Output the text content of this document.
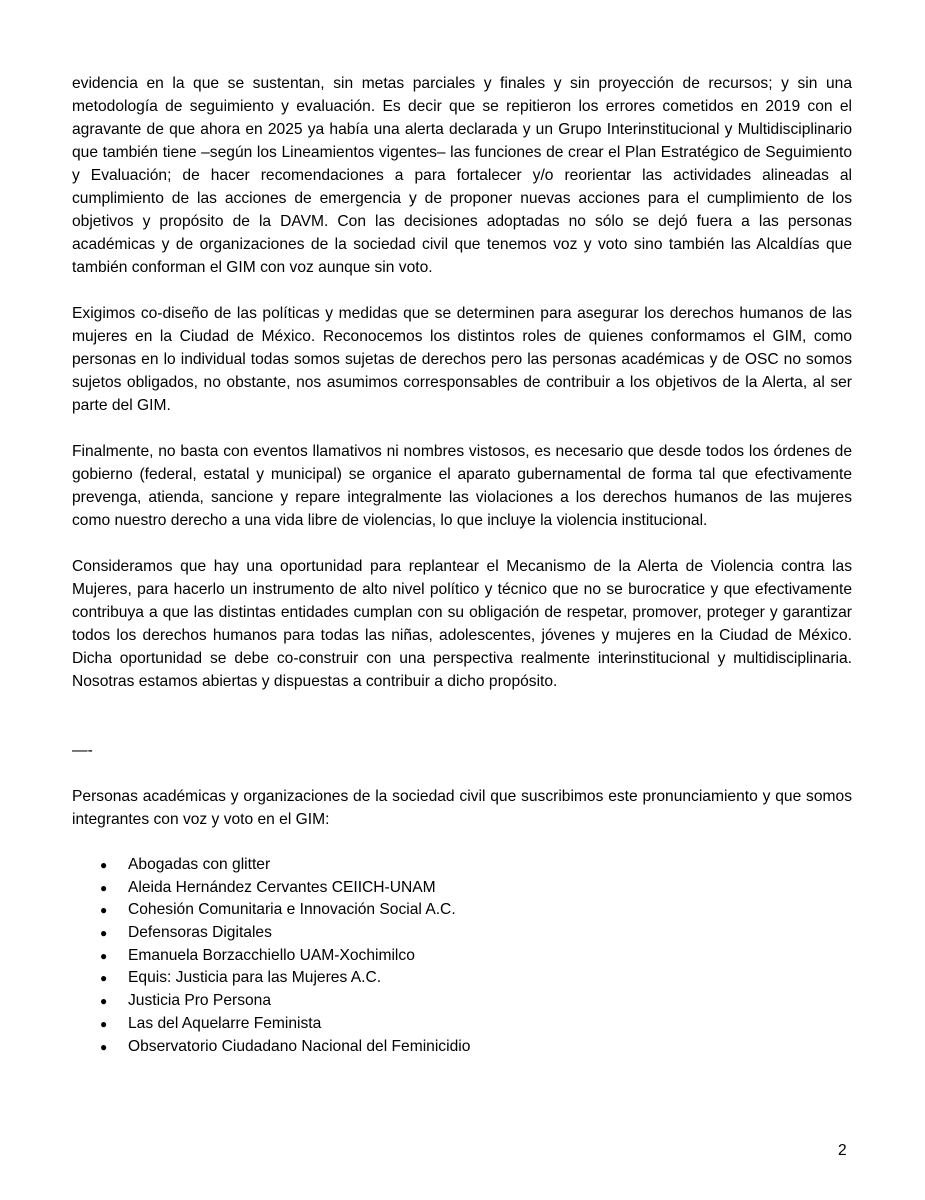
evidencia en la que se sustentan, sin metas parciales y finales y sin proyección de recursos; y sin una metodología de seguimiento y evaluación. Es decir que se repitieron los errores cometidos en 2019 con el agravante de que ahora en 2025 ya había una alerta declarada y un Grupo Interinstitucional y Multidisciplinario que también tiene –según los Lineamientos vigentes– las funciones de crear el Plan Estratégico de Seguimiento y Evaluación; de hacer recomendaciones a para fortalecer y/o reorientar las actividades alineadas al cumplimiento de las acciones de emergencia y de proponer nuevas acciones para el cumplimiento de los objetivos y propósito de la DAVM. Con las decisiones adoptadas no sólo se dejó fuera a las personas académicas y de organizaciones de la sociedad civil que tenemos voz y voto sino también las Alcaldías que también conforman el GIM con voz aunque sin voto.

Exigimos co-diseño de las políticas y medidas que se determinen para asegurar los derechos humanos de las mujeres en la Ciudad de México. Reconocemos los distintos roles de quienes conformamos el GIM, como personas en lo individual todas somos sujetas de derechos pero las personas académicas y de OSC no somos sujetos obligados, no obstante, nos asumimos corresponsables de contribuir a los objetivos de la Alerta, al ser parte del GIM.

Finalmente, no basta con eventos llamativos ni nombres vistosos, es necesario que desde todos los órdenes de gobierno (federal, estatal y municipal) se organice el aparato gubernamental de forma tal que efectivamente prevenga, atienda, sancione y repare integralmente las violaciones a los derechos humanos de las mujeres como nuestro derecho a una vida libre de violencias, lo que incluye la violencia institucional.

Consideramos que hay una oportunidad para replantear el Mecanismo de la Alerta de Violencia contra las Mujeres, para hacerlo un instrumento de alto nivel político y técnico que no se burocratice y que efectivamente contribuya a que las distintas entidades cumplan con su obligación de respetar, promover, proteger y garantizar todos los derechos humanos para todas las niñas, adolescentes, jóvenes y mujeres en la Ciudad de México. Dicha oportunidad se debe co-construir con una perspectiva realmente interinstitucional y multidisciplinaria. Nosotras estamos abiertas y dispuestas a contribuir a dicho propósito.

—-

Personas académicas y organizaciones de la sociedad civil que suscribimos este pronunciamiento y que somos integrantes con voz y voto en el GIM:

● Abogadas con glitter
● Aleida Hernández Cervantes CEIICH-UNAM
● Cohesión Comunitaria e Innovación Social A.C.
● Defensoras Digitales
● Emanuela Borzacchiello UAM-Xochimilco
● Equis: Justicia para las Mujeres A.C.
● Justicia Pro Persona
● Las del Aquelarre Feminista
● Observatorio Ciudadano Nacional del Feminicidio
2
